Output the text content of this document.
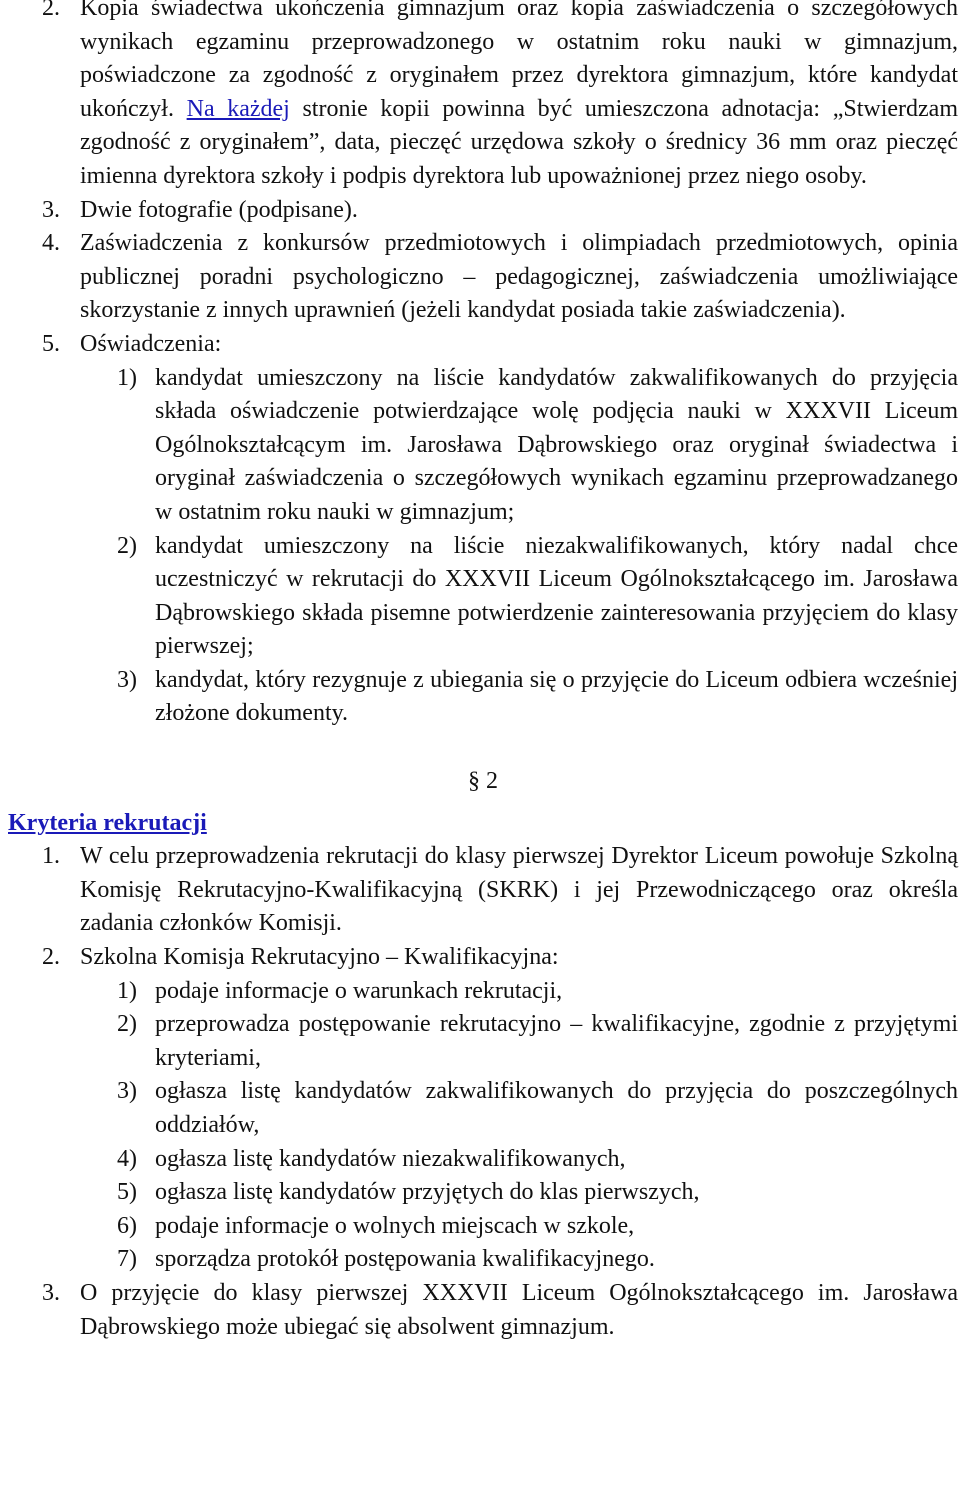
2. Kopia świadectwa ukończenia gimnazjum oraz kopia zaświadczenia o szczegółowych wynikach egzaminu przeprowadzonego w ostatnim roku nauki w gimnazjum, poświadczone za zgodność z oryginałem przez dyrektora gimnazjum, które kandydat ukończył. Na każdej stronie kopii powinna być umieszczona adnotacja: „Stwierdzam zgodność z oryginałem”, data, pieczęć urzędowa szkoły o średnicy 36 mm oraz pieczęć imienna dyrektora szkoły i podpis dyrektora lub upoważnionej przez niego osoby.
3. Dwie fotografie (podpisane).
4. Zaświadczenia z konkursów przedmiotowych i olimpiadach przedmiotowych, opinia publicznej poradni psychologiczno – pedagogicznej, zaświadczenia umożliwiające skorzystanie z innych uprawnień (jeżeli kandydat posiada takie zaświadczenia).
5. Oświadczenia:
1) kandydat umieszczony na liście kandydatów zakwalifikowanych do przyjęcia składa oświadczenie potwierdzające wolę podjęcia nauki w XXXVII Liceum Ogólnokształcącym im. Jarosława Dąbrowskiego oraz oryginał świadectwa i oryginał zaświadczenia o szczegółowych wynikach egzaminu przeprowadzanego w ostatnim roku nauki w gimnazjum;
2) kandydat umieszczony na liście niezakwalifikowanych, który nadal chce uczestniczyć w rekrutacji do XXXVII Liceum Ogólnokształcącego im. Jarosława Dąbrowskiego składa pisemne potwierdzenie zainteresowania przyjęciem do klasy pierwszej;
3) kandydat, który rezygnuje z ubiegania się o przyjęcie do Liceum odbiera wcześniej złożone dokumenty.
§ 2
Kryteria rekrutacji
1. W celu przeprowadzenia rekrutacji do klasy pierwszej Dyrektor Liceum powołuje Szkolną Komisję Rekrutacyjno-Kwalifikacyjną (SKRK) i jej Przewodniczącego oraz określa zadania członków Komisji.
2. Szkolna Komisja Rekrutacyjno – Kwalifikacyjna:
1) podaje informacje o warunkach rekrutacji,
2) przeprowadza postępowanie rekrutacyjno – kwalifikacyjne, zgodnie z przyjętymi kryteriami,
3) ogłasza listę kandydatów zakwalifikowanych do przyjęcia do poszczególnych oddziałów,
4) ogłasza listę kandydatów niezakwalifikowanych,
5) ogłasza listę kandydatów przyjętych do klas pierwszych,
6) podaje informacje o wolnych miejscach w szkole,
7) sporządza protokół postępowania kwalifikacyjnego.
3. O przyjęcie do klasy pierwszej XXXVII Liceum Ogólnokształcącego im. Jarosława Dąbrowskiego może ubiegać się absolwent gimnazjum.
